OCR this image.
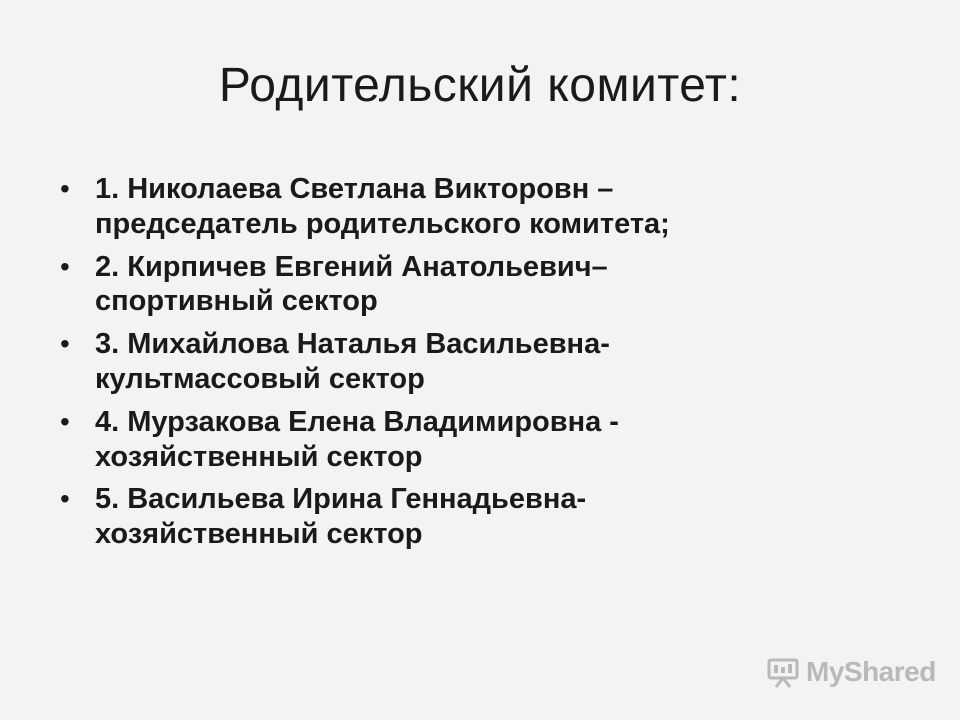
Родительский комитет:
• 1. Николаева Светлана Викторовн –
председатель родительского комитета;
• 2. Кирпичев Евгений Анатольевич–
спортивный сектор
• 3. Михайлова Наталья Васильевна-
культмассовый сектор
• 4. Мурзакова Елена Владимировна -
хозяйственный сектор
• 5. Васильева Ирина Геннадьевна-
хозяйственный сектор
MyShared
